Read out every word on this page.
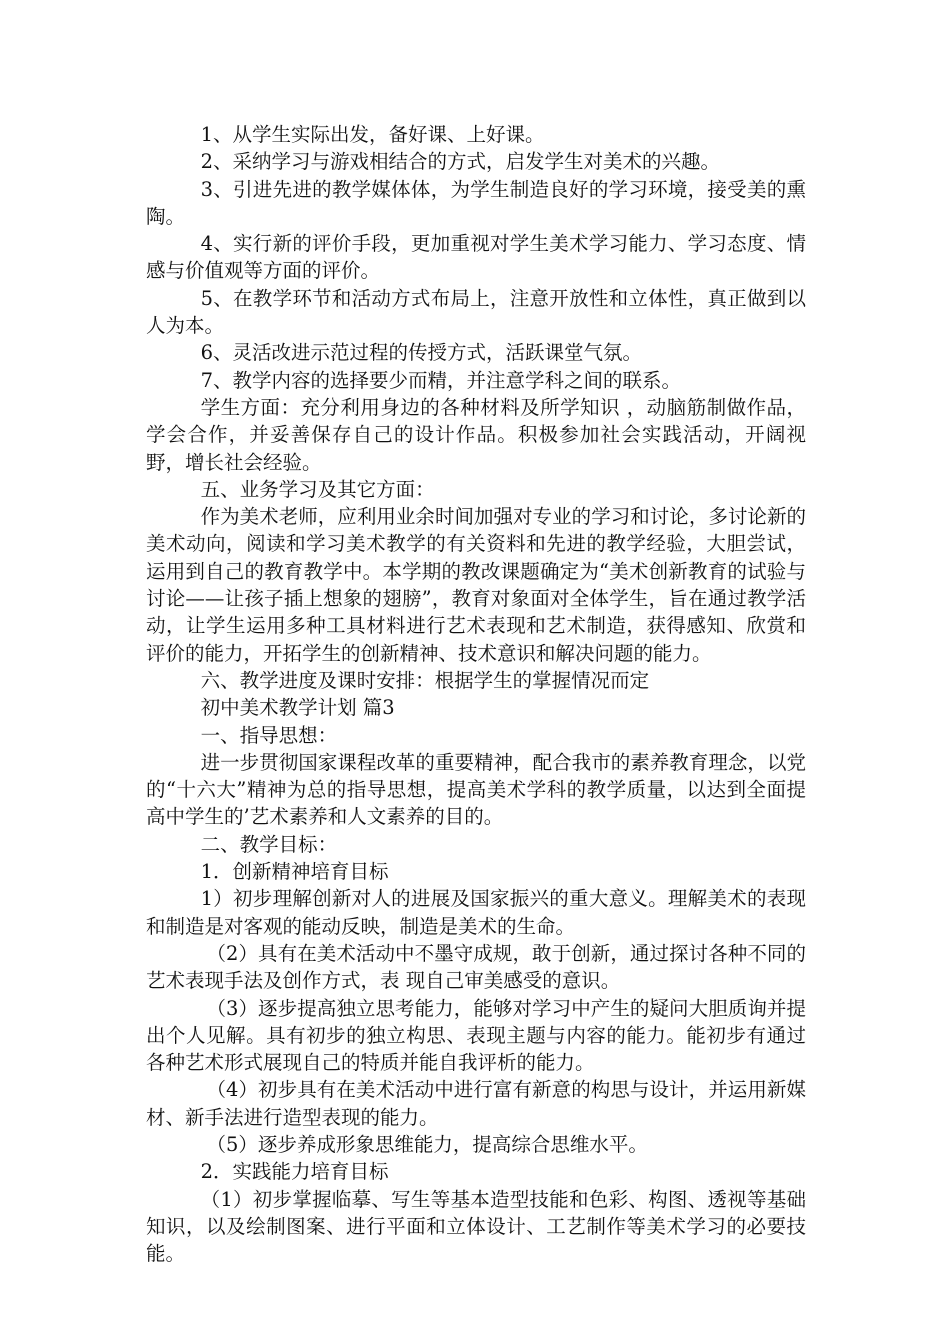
1、从学生实际出发，备好课、上好课。

2、采纳学习与游戏相结合的方式，启发学生对美术的兴趣。

3、引进先进的教学媒体体，为学生制造良好的学习环境，接受美的熏陶。

4、实行新的评价手段，更加重视对学生美术学习能力、学习态度、情感与价值观等方面的评价。

5、在教学环节和活动方式布局上，注意开放性和立体性，真正做到以人为本。

6、灵活改进示范过程的传授方式，活跃课堂气氛。

7、教学内容的选择要少而精，并注意学科之间的联系。

学生方面：充分利用身边的各种材料及所学知识 ，动脑筋制做作品，学会合作，并妥善保存自己的设计作品。积极参加社会实践活动，开阔视野，增长社会经验。

五、业务学习及其它方面：

作为美术老师，应利用业余时间加强对专业的学习和讨论，多讨论新的美术动向，阅读和学习美术教学的有关资料和先进的教学经验，大胆尝试，运用到自己的教育教学中。本学期的教改课题确定为“美术创新教育的试验与讨论——让孩子插上想象的翅膀”，教育对象面对全体学生，旨在通过教学活动，让学生运用多种工具材料进行艺术表现和艺术制造，获得感知、欣赏和评价的能力，开拓学生的创新精神、技术意识和解决问题的能力。

六、教学进度及课时安排：根据学生的掌握情况而定

初中美术教学计划 篇3

一、指导思想：

进一步贯彻国家课程改革的重要精神，配合我市的素养教育理念，以党的“十六大”精神为总的指导思想，提高美术学科的教学质量，以达到全面提高中学生的’艺术素养和人文素养的目的。

二、教学目标：

1．创新精神培育目标

1）初步理解创新对人的进展及国家振兴的重大意义。理解美术的表现和制造是对客观的能动反映，制造是美术的生命。

（2）具有在美术活动中不墨守成规，敢于创新，通过探讨各种不同的艺术表现手法及创作方式，表 现自己审美感受的意识。

（3）逐步提高独立思考能力，能够对学习中产生的疑问大胆质询并提出个人见解。具有初步的独立构思、表现主题与内容的能力。能初步有通过各种艺术形式展现自己的特质并能自我评析的能力。

（4）初步具有在美术活动中进行富有新意的构思与设计，并运用新媒材、新手法进行造型表现的能力。

（5）逐步养成形象思维能力，提高综合思维水平。

2．实践能力培育目标

（1）初步掌握临摹、写生等基本造型技能和色彩、构图、透视等基础知识，以及绘制图案、进行平面和立体设计、工艺制作等美术学习的必要技能。
